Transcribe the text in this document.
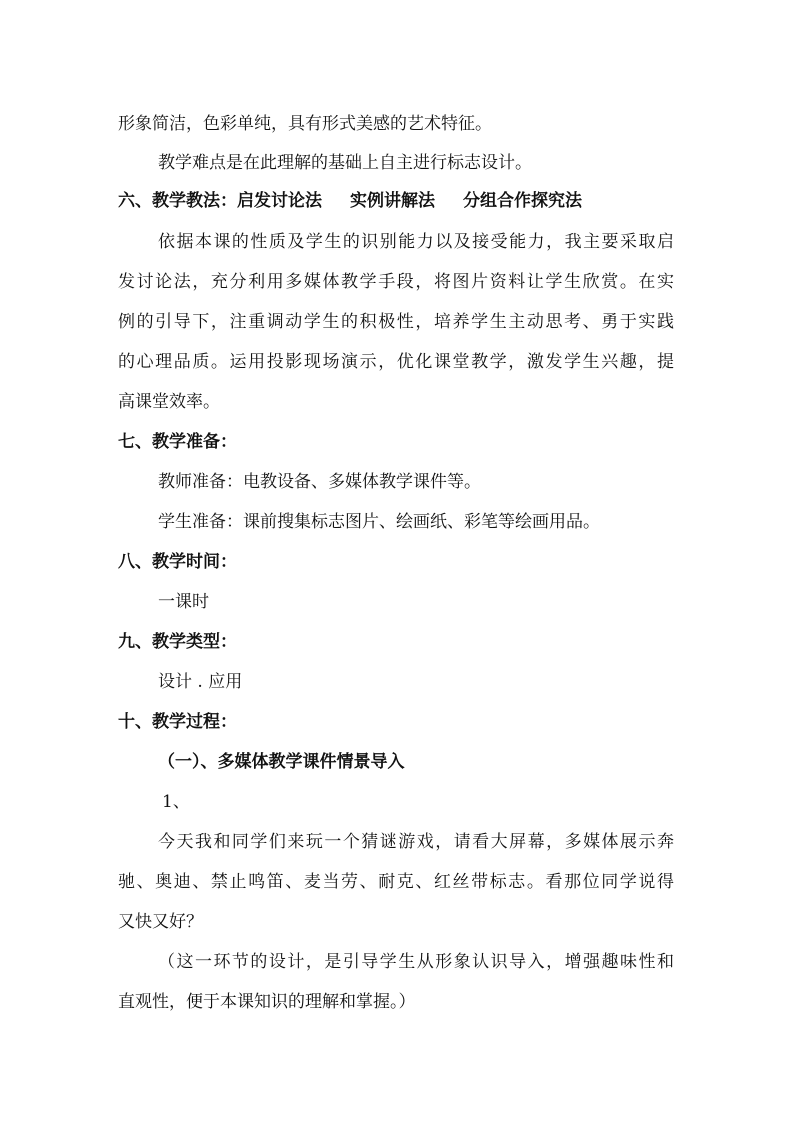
形象简洁，色彩单纯，具有形式美感的艺术特征。
教学难点是在此理解的基础上自主进行标志设计。
六、教学教法：启发讨论法 实例讲解法 分组合作探究法
依据本课的性质及学生的识别能力以及接受能力，我主要采取启
发讨论法，充分利用多媒体教学手段，将图片资料让学生欣赏。在实
例的引导下，注重调动学生的积极性，培养学生主动思考、勇于实践
的心理品质。运用投影现场演示，优化课堂教学，激发学生兴趣，提
高课堂效率。
七、教学准备：
教师准备：电教设备、多媒体教学课件等。
学生准备：课前搜集标志图片、绘画纸、彩笔等绘画用品。
八、教学时间：
一课时
九、教学类型：
设计 . 应用
十、教学过程：
（一）、多媒体教学课件情景导入
1、
今天我和同学们来玩一个猜谜游戏，请看大屏幕，多媒体展示奔
驰、奥迪、禁止鸣笛、麦当劳、耐克、红丝带标志。看那位同学说得
又快又好？
（这一环节的设计，是引导学生从形象认识导入，增强趣味性和
直观性，便于本课知识的理解和掌握。）
